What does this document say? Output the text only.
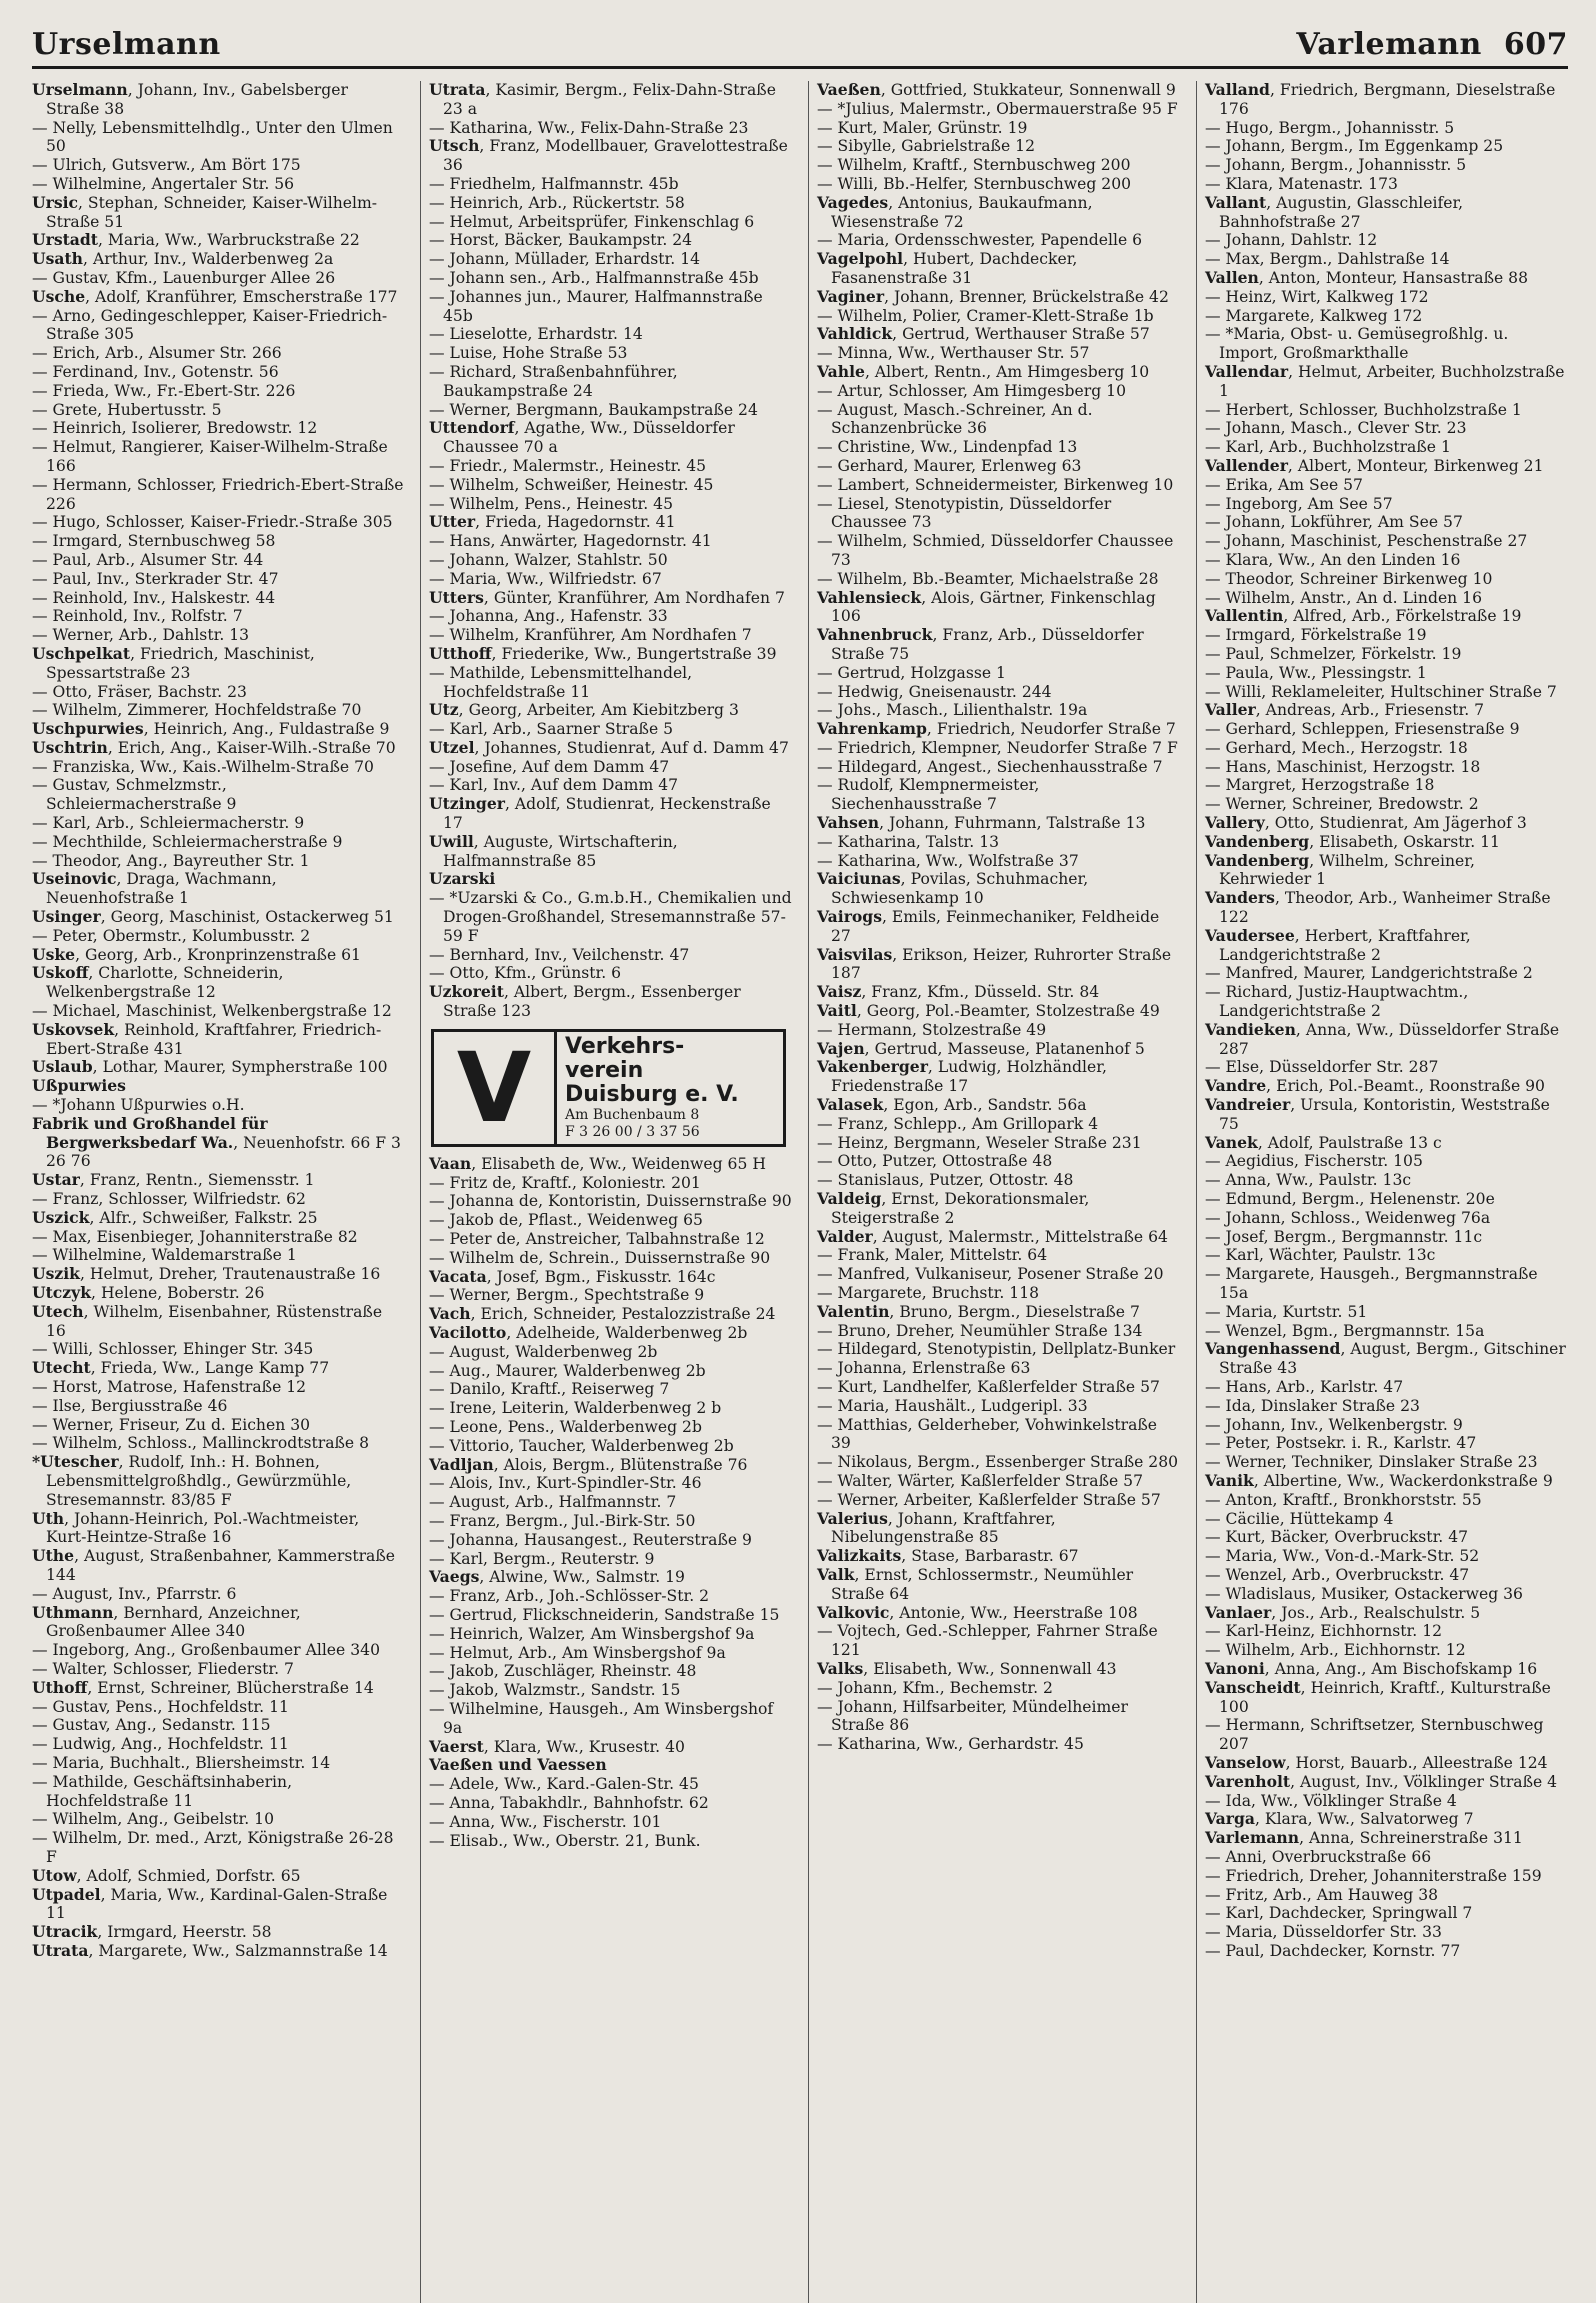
Urselmann	Varlemann 607

Urselmann, Johann, Inv., Gabelsberger Straße 38

— Nelly, Lebensmittelhdlg., Unter den Ulmen 50

— Ulrich, Gutsverw., Am Bört 175

— Wilhelmine, Angertaler Str. 56

Ursic, Stephan, Schneider, Kaiser-Wilhelm-Straße 51

Urstadt, Maria, Ww., Warbruckstraße 22

Usath, Arthur, Inv., Walderbenweg 2a

— Gustav, Kfm., Lauenburger Allee 26

Usche, Adolf, Kranführer, Emscherstraße 177

— Arno, Gedingeschlepper, Kaiser-Friedrich-Straße 305

— Erich, Arb., Alsumer Str. 266

— Ferdinand, Inv., Gotenstr. 56

— Frieda, Ww., Fr.-Ebert-Str. 226

— Grete, Hubertusstr. 5

— Heinrich, Isolierer, Bredowstr. 12

— Helmut, Rangierer, Kaiser-Wilhelm-Straße 166

— Hermann, Schlosser, Friedrich-Ebert-Straße 226

— Hugo, Schlosser, Kaiser-Friedr.-Straße 305

— Irmgard, Sternbuschweg 58

— Paul, Arb., Alsumer Str. 44

— Paul, Inv., Sterkrader Str. 47

— Reinhold, Inv., Halskestr. 44

— Reinhold, Inv., Rolfstr. 7

— Werner, Arb., Dahlstr. 13

Uschpelkat, Friedrich, Maschinist, Spessartstraße 23

— Otto, Fräser, Bachstr. 23

— Wilhelm, Zimmerer, Hochfeldstraße 70

Uschpurwies, Heinrich, Ang., Fuldastraße 9

Uschtrin, Erich, Ang., Kaiser-Wilh.-Straße 70

— Franziska, Ww., Kais.-Wilhelm-Straße 70

— Gustav, Schmelzmstr., Schleiermacherstraße 9

— Karl, Arb., Schleiermacherstr. 9

— Mechthilde, Schleiermacherstraße 9

— Theodor, Ang., Bayreuther Str. 1

Useinovic, Draga, Wachmann, Neuenhofstraße 1

Usinger, Georg, Maschinist, Ostackerweg 51

— Peter, Obermstr., Kolumbusstr. 2

Uske, Georg, Arb., Kronprinzenstraße 61

Uskoff, Charlotte, Schneiderin, Welkenbergstraße 12

— Michael, Maschinist, Welkenbergstraße 12

Uskovsek, Reinhold, Kraftfahrer, Friedrich-Ebert-Straße 431

Uslaub, Lothar, Maurer, Sympherstraße 100

Ußpurwies

— *Johann Ußpurwies o.H.

Fabrik und Großhandel für Bergwerksbedarf Wa., Neuenhofstr. 66 F 3 26 76

Ustar, Franz, Rentn., Siemensstr. 1

— Franz, Schlosser, Wilfriedstr. 62

Uszick, Alfr., Schweißer, Falkstr. 25

— Max, Eisenbieger, Johanniterstraße 82

— Wilhelmine, Waldemarstraße 1

Uszik, Helmut, Dreher, Trautenaustraße 16

Utczyk, Helene, Boberstr. 26

Utech, Wilhelm, Eisenbahner, Rüstenstraße 16

— Willi, Schlosser, Ehinger Str. 345

Utecht, Frieda, Ww., Lange Kamp 77

— Horst, Matrose, Hafenstraße 12

— Ilse, Bergiusstraße 46

— Werner, Friseur, Zu d. Eichen 30

— Wilhelm, Schloss., Mallinckrodtstraße 8

*Utescher, Rudolf, Inh.: H. Bohnen, Lebensmittelgroßhdlg., Gewürzmühle, Stresemannstr. 83/85 F

Uth, Johann-Heinrich, Pol.-Wachtmeister, Kurt-Heintze-Straße 16

Uthe, August, Straßenbahner, Kammerstraße 144

— August, Inv., Pfarrstr. 6

Uthmann, Bernhard, Anzeichner, Großenbaumer Allee 340

— Ingeborg, Ang., Großenbaumer Allee 340

— Walter, Schlosser, Fliederstr. 7

Uthoff, Ernst, Schreiner, Blücherstraße 14

— Gustav, Pens., Hochfeldstr. 11

— Gustav, Ang., Sedanstr. 115

— Ludwig, Ang., Hochfeldstr. 11

— Maria, Buchhalt., Bliersheimstr. 14

— Mathilde, Geschäftsinhaberin, Hochfeldstraße 11

— Wilhelm, Ang., Geibelstr. 10

— Wilhelm, Dr. med., Arzt, Königstraße 26-28 F

Utow, Adolf, Schmied, Dorfstr. 65

Utpadel, Maria, Ww., Kardinal-Galen-Straße 11

Utracik, Irmgard, Heerstr. 58

Utrata, Margarete, Ww., Salzmannstraße 14

Utrata, Kasimir, Bergm., Felix-Dahn-Straße 23 a

— Katharina, Ww., Felix-Dahn-Straße 23

Utsch, Franz, Modellbauer, Gravelottestraße 36

— Friedhelm, Halfmannstr. 45b

— Heinrich, Arb., Rückertstr. 58

— Helmut, Arbeitsprüfer, Finkenschlag 6

— Horst, Bäcker, Baukampstr. 24

— Johann, Müllader, Erhardstr. 14

— Johann sen., Arb., Halfmannstraße 45b

— Johannes jun., Maurer, Halfmannstraße 45b

— Lieselotte, Erhardstr. 14

— Luise, Hohe Straße 53

— Richard, Straßenbahnführer, Baukampstraße 24

— Werner, Bergmann, Baukampstraße 24

Uttendorf, Agathe, Ww., Düsseldorfer Chaussee 70 a

— Friedr., Malermstr., Heinestr. 45

— Wilhelm, Schweißer, Heinestr. 45

— Wilhelm, Pens., Heinestr. 45

Utter, Frieda, Hagedornstr. 41

— Hans, Anwärter, Hagedornstr. 41

— Johann, Walzer, Stahlstr. 50

— Maria, Ww., Wilfriedstr. 67

Utters, Günter, Kranführer, Am Nordhafen 7

— Johanna, Ang., Hafenstr. 33

— Wilhelm, Kranführer, Am Nordhafen 7

Utthoff, Friederike, Ww., Bungertstraße 39

— Mathilde, Lebensmittelhandel, Hochfeldstraße 11

Utz, Georg, Arbeiter, Am Kiebitzberg 3

— Karl, Arb., Saarner Straße 5

Utzel, Johannes, Studienrat, Auf d. Damm 47

— Josefine, Auf dem Damm 47

— Karl, Inv., Auf dem Damm 47

Utzinger, Adolf, Studienrat, Heckenstraße 17

Uwill, Auguste, Wirtschafterin, Halfmannstraße 85

Uzarski

— *Uzarski & Co., G.m.b.H., Chemikalien und Drogen-Großhandel, Stresemannstraße 57-59 F

— Bernhard, Inv., Veilchenstr. 47

— Otto, Kfm., Grünstr. 6

Uzkoreit, Albert, Bergm., Essenberger Straße 123

V	Verkehrs-
verein
Duisburg e. V.
Am Buchenbaum 8
F 3 26 00 / 3 37 56

Vaan, Elisabeth de, Ww., Weidenweg 65 H

— Fritz de, Kraftf., Koloniestr. 201

— Johanna de, Kontoristin, Duissernstraße 90

— Jakob de, Pflast., Weidenweg 65

— Peter de, Anstreicher, Talbahnstraße 12

— Wilhelm de, Schrein., Duissernstraße 90

Vacata, Josef, Bgm., Fiskusstr. 164c

— Werner, Bergm., Spechtstraße 9

Vach, Erich, Schneider, Pestalozzistraße 24

Vacilotto, Adelheide, Walderbenweg 2b

— August, Walderbenweg 2b

— Aug., Maurer, Walderbenweg 2b

— Danilo, Kraftf., Reiserweg 7

— Irene, Leiterin, Walderbenweg 2 b

— Leone, Pens., Walderbenweg 2b

— Vittorio, Taucher, Walderbenweg 2b

Vadljan, Alois, Bergm., Blütenstraße 76

— Alois, Inv., Kurt-Spindler-Str. 46

— August, Arb., Halfmannstr. 7

— Franz, Bergm., Jul.-Birk-Str. 50

— Johanna, Hausangest., Reuterstraße 9

— Karl, Bergm., Reuterstr. 9

Vaegs, Alwine, Ww., Salmstr. 19

— Franz, Arb., Joh.-Schlösser-Str. 2

— Gertrud, Flickschneiderin, Sandstraße 15

— Heinrich, Walzer, Am Winsbergshof 9a

— Helmut, Arb., Am Winsbergshof 9a

— Jakob, Zuschläger, Rheinstr. 48

— Jakob, Walzmstr., Sandstr. 15

— Wilhelmine, Hausgeh., Am Winsbergshof 9a

Vaerst, Klara, Ww., Krusestr. 40

Vaeßen und Vaessen

— Adele, Ww., Kard.-Galen-Str. 45

— Anna, Tabakhdlr., Bahnhofstr. 62

— Anna, Ww., Fischerstr. 101

— Elisab., Ww., Oberstr. 21, Bunk.

Vaeßen, Gottfried, Stukkateur, Sonnenwall 9

— *Julius, Malermstr., Obermauerstraße 95 F

— Kurt, Maler, Grünstr. 19

— Sibylle, Gabrielstraße 12

— Wilhelm, Kraftf., Sternbuschweg 200

— Willi, Bb.-Helfer, Sternbuschweg 200

Vagedes, Antonius, Baukaufmann, Wiesenstraße 72

— Maria, Ordensschwester, Papendelle 6

Vagelpohl, Hubert, Dachdecker, Fasanenstraße 31

Vaginer, Johann, Brenner, Brückelstraße 42

— Wilhelm, Polier, Cramer-Klett-Straße 1b

Vahldick, Gertrud, Werthauser Straße 57

— Minna, Ww., Werthauser Str. 57

Vahle, Albert, Rentn., Am Himgesberg 10

— Artur, Schlosser, Am Himgesberg 10

— August, Masch.-Schreiner, An d. Schanzenbrücke 36

— Christine, Ww., Lindenpfad 13

— Gerhard, Maurer, Erlenweg 63

— Lambert, Schneidermeister, Birkenweg 10

— Liesel, Stenotypistin, Düsseldorfer Chaussee 73

— Wilhelm, Schmied, Düsseldorfer Chaussee 73

— Wilhelm, Bb.-Beamter, Michaelstraße 28

Vahlensieck, Alois, Gärtner, Finkenschlag 106

Vahnenbruck, Franz, Arb., Düsseldorfer Straße 75

— Gertrud, Holzgasse 1

— Hedwig, Gneisenaustr. 244

— Johs., Masch., Lilienthalstr. 19a

Vahrenkamp, Friedrich, Neudorfer Straße 7

— Friedrich, Klempner, Neudorfer Straße 7 F

— Hildegard, Angest., Siechenhausstraße 7

— Rudolf, Klempnermeister, Siechenhausstraße 7

Vahsen, Johann, Fuhrmann, Talstraße 13

— Katharina, Talstr. 13

— Katharina, Ww., Wolfstraße 37

Vaiciunas, Povilas, Schuhmacher, Schwiesenkamp 10

Vairogs, Emils, Feinmechaniker, Feldheide 27

Vaisvilas, Erikson, Heizer, Ruhrorter Straße 187

Vaisz, Franz, Kfm., Düsseld. Str. 84

Vaitl, Georg, Pol.-Beamter, Stolzestraße 49

— Hermann, Stolzestraße 49

Vajen, Gertrud, Masseuse, Platanenhof 5

Vakenberger, Ludwig, Holzhändler, Friedenstraße 17

Valasek, Egon, Arb., Sandstr. 56a

— Franz, Schlepp., Am Grillopark 4

— Heinz, Bergmann, Weseler Straße 231

— Otto, Putzer, Ottostraße 48

— Stanislaus, Putzer, Ottostr. 48

Valdeig, Ernst, Dekorationsmaler, Steigerstraße 2

Valder, August, Malermstr., Mittelstraße 64

— Frank, Maler, Mittelstr. 64

— Manfred, Vulkaniseur, Posener Straße 20

— Margarete, Bruchstr. 118

Valentin, Bruno, Bergm., Dieselstraße 7

— Bruno, Dreher, Neumühler Straße 134

— Hildegard, Stenotypistin, Dellplatz-Bunker

— Johanna, Erlenstraße 63

— Kurt, Landhelfer, Kaßlerfelder Straße 57

— Maria, Haushält., Ludgeripl. 33

— Matthias, Gelderheber, Vohwinkelstraße 39

— Nikolaus, Bergm., Essenberger Straße 280

— Walter, Wärter, Kaßlerfelder Straße 57

— Werner, Arbeiter, Kaßlerfelder Straße 57

Valerius, Johann, Kraftfahrer, Nibelungenstraße 85

Valizkaits, Stase, Barbarastr. 67

Valk, Ernst, Schlossermstr., Neumühler Straße 64

Valkovic, Antonie, Ww., Heerstraße 108

— Vojtech, Ged.-Schlepper, Fahrner Straße 121

Valks, Elisabeth, Ww., Sonnenwall 43

— Johann, Kfm., Bechemstr. 2

— Johann, Hilfsarbeiter, Mündelheimer Straße 86

— Katharina, Ww., Gerhardstr. 45

Valland, Friedrich, Bergmann, Dieselstraße 176

— Hugo, Bergm., Johannisstr. 5

— Johann, Bergm., Im Eggenkamp 25

— Johann, Bergm., Johannisstr. 5

— Klara, Matenastr. 173

Vallant, Augustin, Glasschleifer, Bahnhofstraße 27

— Johann, Dahlstr. 12

— Max, Bergm., Dahlstraße 14

Vallen, Anton, Monteur, Hansastraße 88

— Heinz, Wirt, Kalkweg 172

— Margarete, Kalkweg 172

— *Maria, Obst- u. Gemüsegroßhlg. u. Import, Großmarkthalle

Vallendar, Helmut, Arbeiter, Buchholzstraße 1

— Herbert, Schlosser, Buchholzstraße 1

— Johann, Masch., Clever Str. 23

— Karl, Arb., Buchholzstraße 1

Vallender, Albert, Monteur, Birkenweg 21

— Erika, Am See 57

— Ingeborg, Am See 57

— Johann, Lokführer, Am See 57

— Johann, Maschinist, Peschenstraße 27

— Klara, Ww., An den Linden 16

— Theodor, Schreiner Birkenweg 10

— Wilhelm, Anstr., An d. Linden 16

Vallentin, Alfred, Arb., Förkelstraße 19

— Irmgard, Förkelstraße 19

— Paul, Schmelzer, Förkelstr. 19

— Paula, Ww., Plessingstr. 1

— Willi, Reklameleiter, Hultschiner Straße 7

Valler, Andreas, Arb., Friesenstr. 7

— Gerhard, Schleppen, Friesenstraße 9

— Gerhard, Mech., Herzogstr. 18

— Hans, Maschinist, Herzogstr. 18

— Margret, Herzogstraße 18

— Werner, Schreiner, Bredowstr. 2

Vallery, Otto, Studienrat, Am Jägerhof 3

Vandenberg, Elisabeth, Oskarstr. 11

Vandenberg, Wilhelm, Schreiner, Kehrwieder 1

Vanders, Theodor, Arb., Wanheimer Straße 122

Vaudersee, Herbert, Kraftfahrer, Landgerichtstraße 2

— Manfred, Maurer, Landgerichtstraße 2

— Richard, Justiz-Hauptwachtm., Landgerichtstraße 2

Vandieken, Anna, Ww., Düsseldorfer Straße 287

— Else, Düsseldorfer Str. 287

Vandre, Erich, Pol.-Beamt., Roonstraße 90

Vandreier, Ursula, Kontoristin, Weststraße 75

Vanek, Adolf, Paulstraße 13 c

— Aegidius, Fischerstr. 105

— Anna, Ww., Paulstr. 13c

— Edmund, Bergm., Helenenstr. 20e

— Johann, Schloss., Weidenweg 76a

— Josef, Bergm., Bergmannstr. 11c

— Karl, Wächter, Paulstr. 13c

— Margarete, Hausgeh., Bergmannstraße 15a

— Maria, Kurtstr. 51

— Wenzel, Bgm., Bergmannstr. 15a

Vangenhassend, August, Bergm., Gitschiner Straße 43

— Hans, Arb., Karlstr. 47

— Ida, Dinslaker Straße 23

— Johann, Inv., Welkenbergstr. 9

— Peter, Postsekr. i. R., Karlstr. 47

— Werner, Techniker, Dinslaker Straße 23

Vanik, Albertine, Ww., Wackerdonkstraße 9

— Anton, Kraftf., Bronkhorststr. 55

— Cäcilie, Hüttekamp 4

— Kurt, Bäcker, Overbruckstr. 47

— Maria, Ww., Von-d.-Mark-Str. 52

— Wenzel, Arb., Overbruckstr. 47

— Wladislaus, Musiker, Ostackerweg 36

Vanlaer, Jos., Arb., Realschulstr. 5

— Karl-Heinz, Eichhornstr. 12

— Wilhelm, Arb., Eichhornstr. 12

Vanoni, Anna, Ang., Am Bischofskamp 16

Vanscheidt, Heinrich, Kraftf., Kulturstraße 100

— Hermann, Schriftsetzer, Sternbuschweg 207

Vanselow, Horst, Bauarb., Alleestraße 124

Varenholt, August, Inv., Völklinger Straße 4

— Ida, Ww., Völklinger Straße 4

Varga, Klara, Ww., Salvatorweg 7

Varlemann, Anna, Schreinerstraße 311

— Anni, Overbruckstraße 66

— Friedrich, Dreher, Johanniterstraße 159

— Fritz, Arb., Am Hauweg 38

— Karl, Dachdecker, Springwall 7

— Maria, Düsseldorfer Str. 33

— Paul, Dachdecker, Kornstr. 77
